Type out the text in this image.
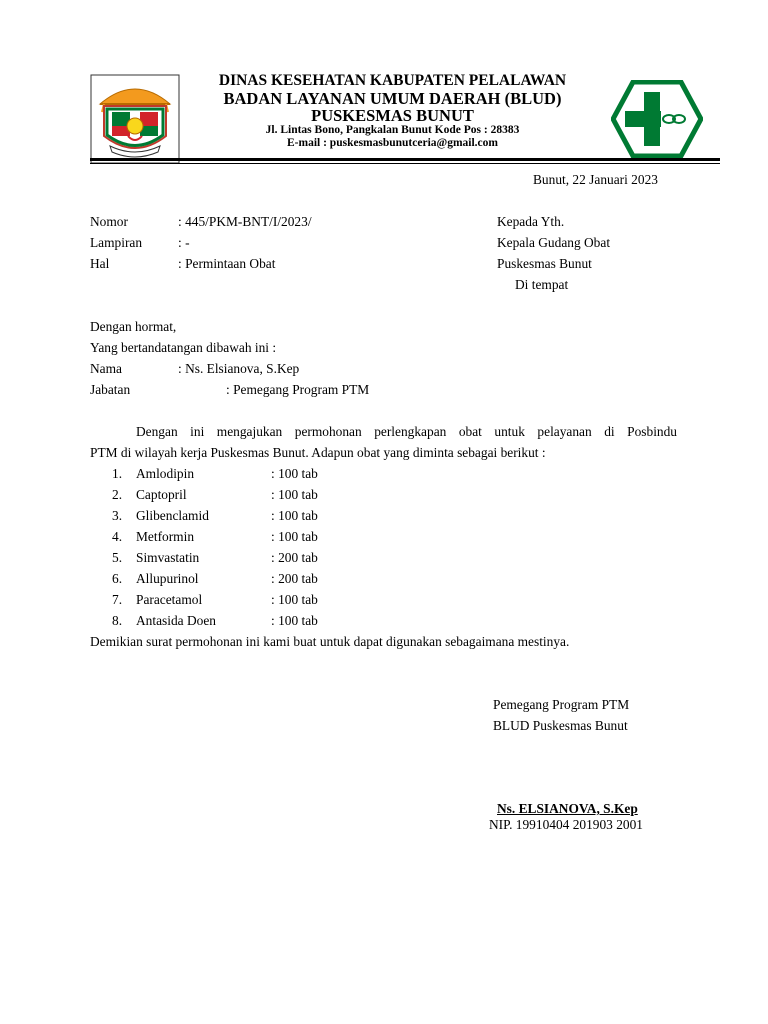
DINAS KESEHATAN KABUPATEN PELALAWAN
BADAN LAYANAN UMUM DAERAH (BLUD)
PUSKESMAS BUNUT
Jl. Lintas Bono, Pangkalan Bunut Kode Pos : 28383
E-mail : puskesmasbunutceria@gmail.com
Bunut, 22 Januari 2023
Nomor	: 445/PKM-BNT/I/2023/
Lampiran	: -
Hal	: Permintaan Obat
Kepada Yth.
Kepala Gudang Obat
Puskesmas Bunut
Di tempat
Dengan hormat,
Yang bertandatangan dibawah ini :
Nama	: Ns. Elsianova, S.Kep
Jabatan	: Pemegang Program PTM
Dengan ini mengajukan permohonan perlengkapan obat untuk pelayanan di Posbindu
PTM di wilayah kerja Puskesmas Bunut. Adapun obat yang diminta sebagai berikut :
1. Amlodipin	: 100 tab
2. Captopril	: 100 tab
3. Glibenclamid	: 100 tab
4. Metformin	: 100 tab
5. Simvastatin	: 200 tab
6. Allupurinol	: 200 tab
7. Paracetamol	: 100 tab
8. Antasida Doen	: 100 tab
Demikian surat permohonan ini kami buat untuk dapat digunakan sebagaimana mestinya.
Pemegang Program PTM
BLUD Puskesmas Bunut
Ns. ELSIANOVA, S.Kep
NIP. 19910404 201903 2001
